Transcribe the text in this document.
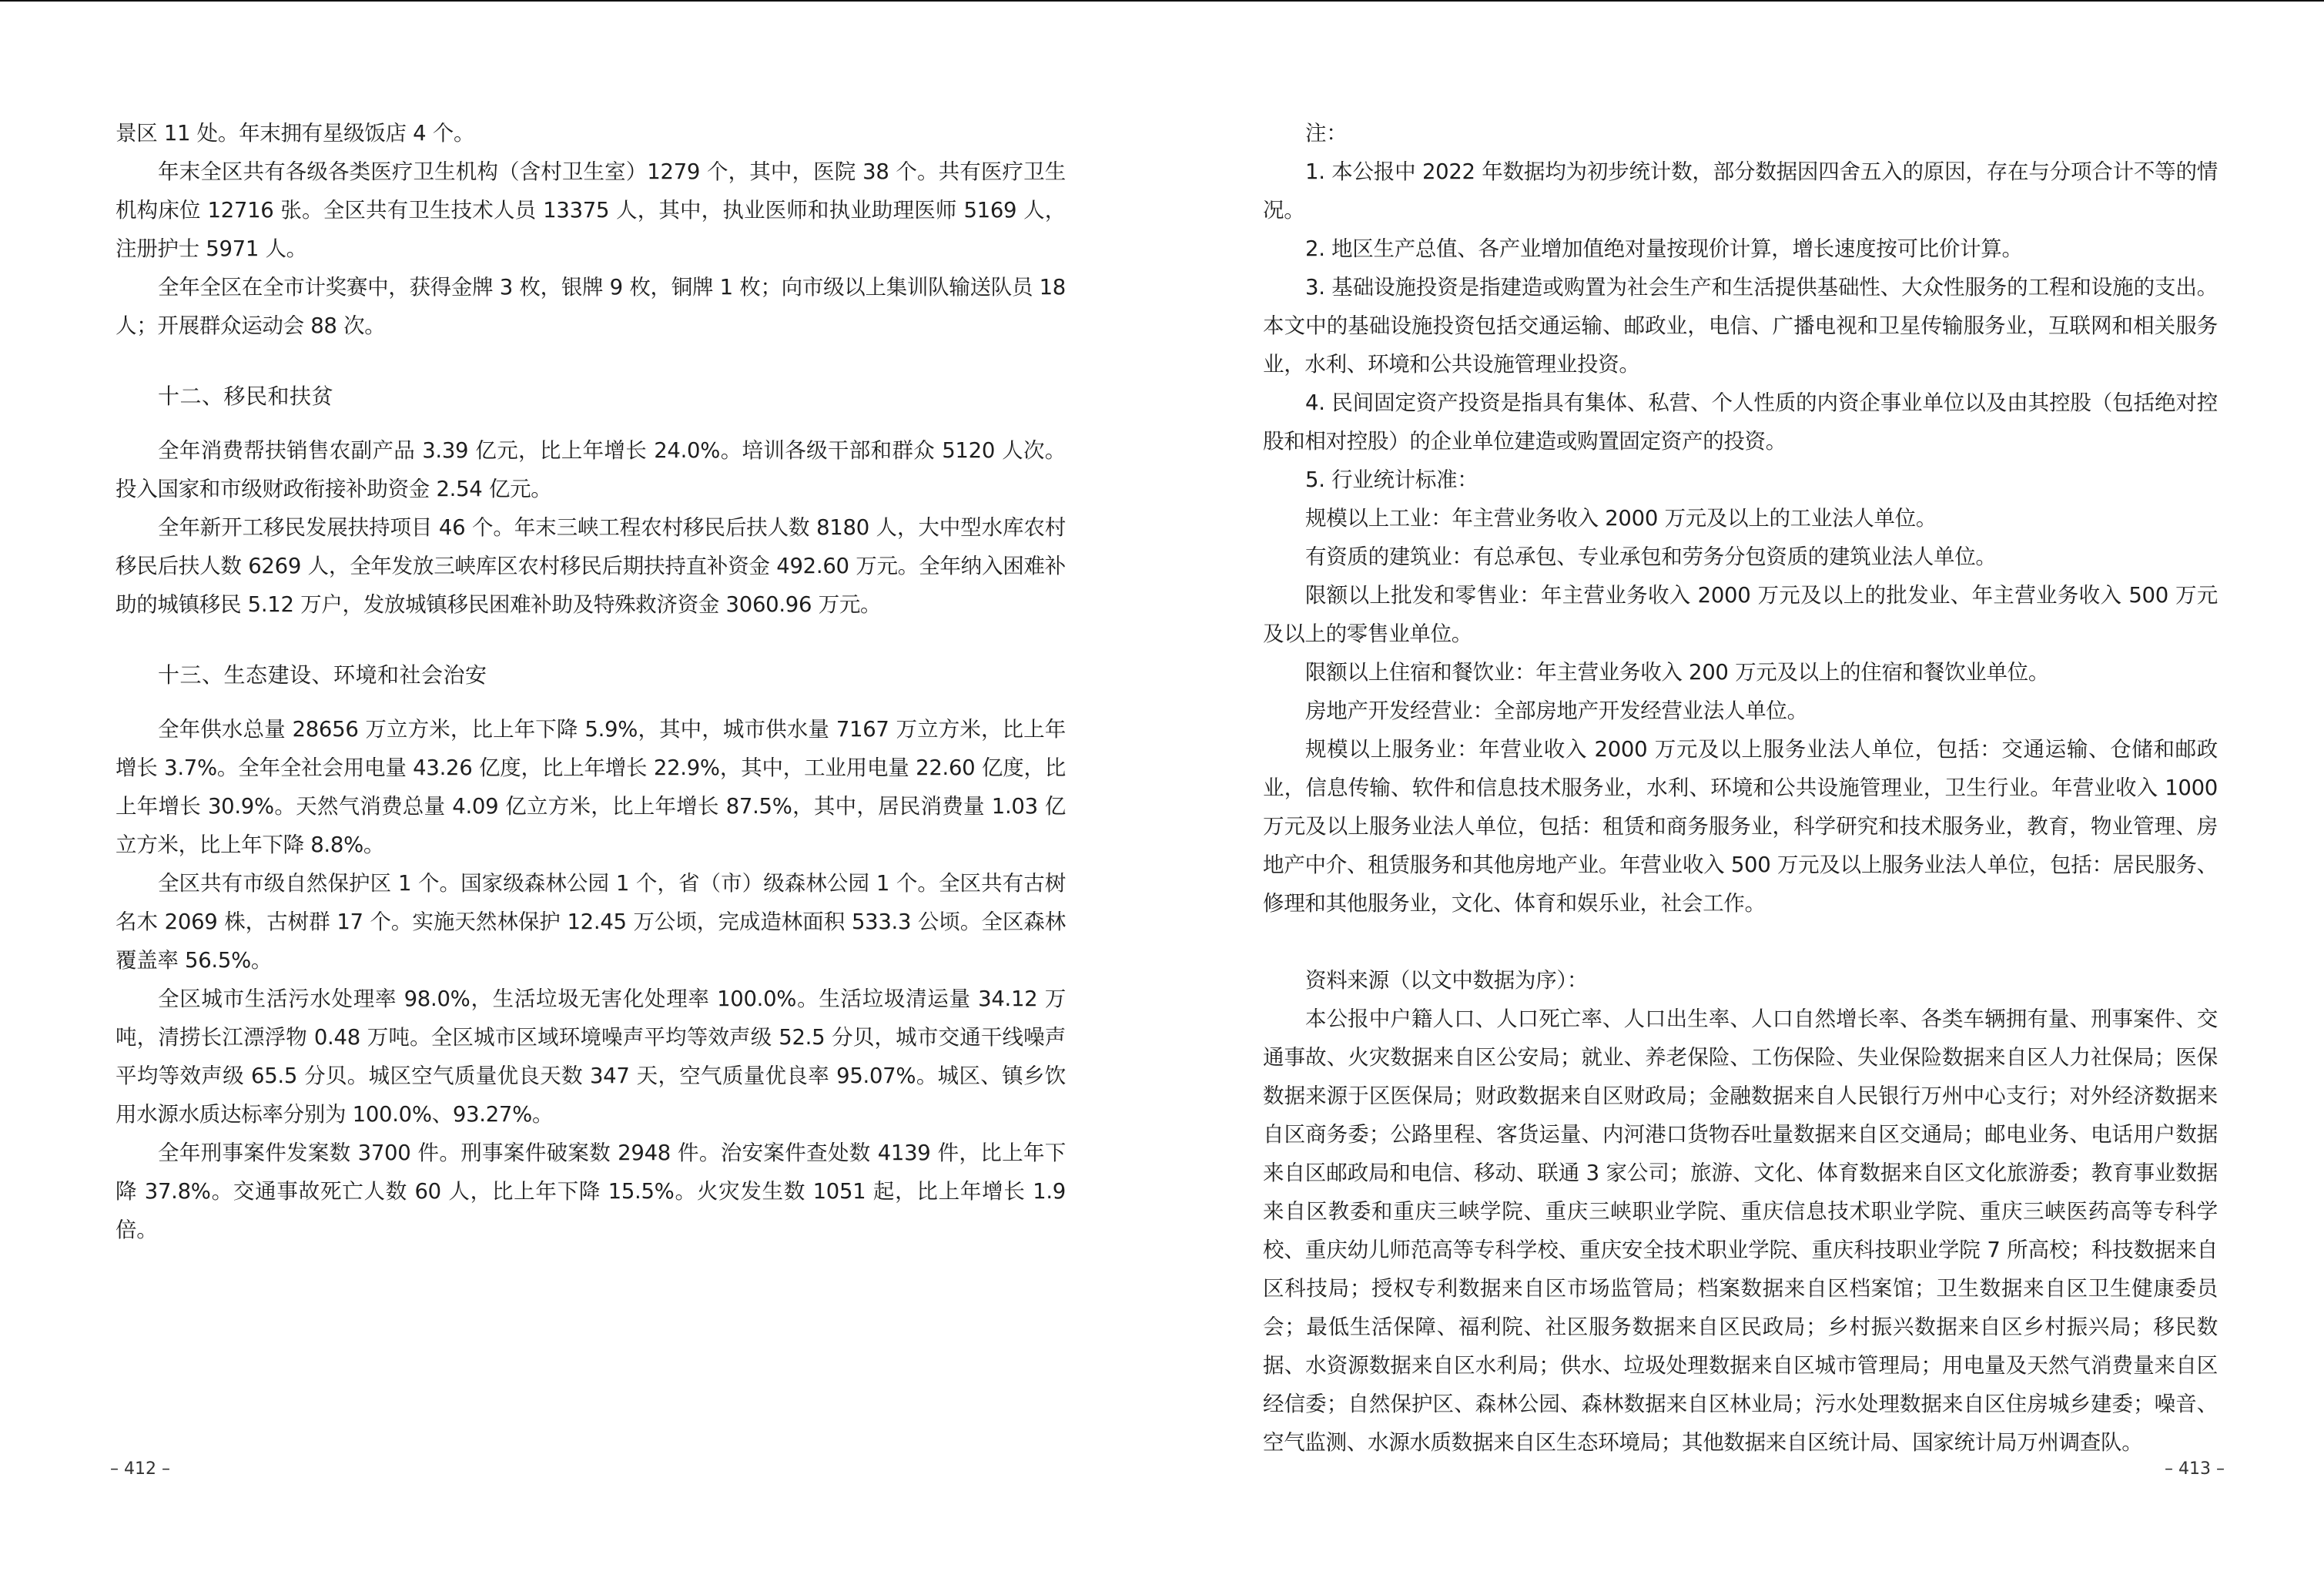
景区 11 处。年末拥有星级饭店 4 个。

年末全区共有各级各类医疗卫生机构（含村卫生室）1279 个，其中，医院 38 个。共有医疗卫生机构床位 12716 张。全区共有卫生技术人员 13375 人，其中，执业医师和执业助理医师 5169 人，注册护士 5971 人。

全年全区在全市计奖赛中，获得金牌 3 枚，银牌 9 枚，铜牌 1 枚；向市级以上集训队输送队员 18 人；开展群众运动会 88 次。

十二、移民和扶贫

全年消费帮扶销售农副产品 3.39 亿元，比上年增长 24.0%。培训各级干部和群众 5120 人次。投入国家和市级财政衔接补助资金 2.54 亿元。

全年新开工移民发展扶持项目 46 个。年末三峡工程农村移民后扶人数 8180 人，大中型水库农村移民后扶人数 6269 人，全年发放三峡库区农村移民后期扶持直补资金 492.60 万元。全年纳入困难补助的城镇移民 5.12 万户，发放城镇移民困难补助及特殊救济资金 3060.96 万元。

十三、生态建设、环境和社会治安

全年供水总量 28656 万立方米，比上年下降 5.9%，其中，城市供水量 7167 万立方米，比上年增长 3.7%。全年全社会用电量 43.26 亿度，比上年增长 22.9%，其中，工业用电量 22.60 亿度，比上年增长 30.9%。天然气消费总量 4.09 亿立方米，比上年增长 87.5%，其中，居民消费量 1.03 亿立方米，比上年下降 8.8%。

全区共有市级自然保护区 1 个。国家级森林公园 1 个，省（市）级森林公园 1 个。全区共有古树名木 2069 株，古树群 17 个。实施天然林保护 12.45 万公顷，完成造林面积 533.3 公顷。全区森林覆盖率 56.5%。

全区城市生活污水处理率 98.0%，生活垃圾无害化处理率 100.0%。生活垃圾清运量 34.12 万吨，清捞长江漂浮物 0.48 万吨。全区城市区域环境噪声平均等效声级 52.5 分贝，城市交通干线噪声平均等效声级 65.5 分贝。城区空气质量优良天数 347 天，空气质量优良率 95.07%。城区、镇乡饮用水源水质达标率分别为 100.0%、93.27%。

全年刑事案件发案数 3700 件。刑事案件破案数 2948 件。治安案件查处数 4139 件，比上年下降 37.8%。交通事故死亡人数 60 人，比上年下降 15.5%。火灾发生数 1051 起，比上年增长 1.9 倍。

– 412 –

注：

1. 本公报中 2022 年数据均为初步统计数，部分数据因四舍五入的原因，存在与分项合计不等的情况。

2. 地区生产总值、各产业增加值绝对量按现价计算，增长速度按可比价计算。

3. 基础设施投资是指建造或购置为社会生产和生活提供基础性、大众性服务的工程和设施的支出。本文中的基础设施投资包括交通运输、邮政业，电信、广播电视和卫星传输服务业，互联网和相关服务业，水利、环境和公共设施管理业投资。

4. 民间固定资产投资是指具有集体、私营、个人性质的内资企事业单位以及由其控股（包括绝对控股和相对控股）的企业单位建造或购置固定资产的投资。

5. 行业统计标准：

规模以上工业：年主营业务收入 2000 万元及以上的工业法人单位。

有资质的建筑业：有总承包、专业承包和劳务分包资质的建筑业法人单位。

限额以上批发和零售业：年主营业务收入 2000 万元及以上的批发业、年主营业务收入 500 万元及以上的零售业单位。

限额以上住宿和餐饮业：年主营业务收入 200 万元及以上的住宿和餐饮业单位。

房地产开发经营业：全部房地产开发经营业法人单位。

规模以上服务业：年营业收入 2000 万元及以上服务业法人单位，包括：交通运输、仓储和邮政业，信息传输、软件和信息技术服务业，水利、环境和公共设施管理业，卫生行业。年营业收入 1000 万元及以上服务业法人单位，包括：租赁和商务服务业，科学研究和技术服务业，教育，物业管理、房地产中介、租赁服务和其他房地产业。年营业收入 500 万元及以上服务业法人单位，包括：居民服务、修理和其他服务业，文化、体育和娱乐业，社会工作。

资料来源（以文中数据为序）：

本公报中户籍人口、人口死亡率、人口出生率、人口自然增长率、各类车辆拥有量、刑事案件、交通事故、火灾数据来自区公安局；就业、养老保险、工伤保险、失业保险数据来自区人力社保局；医保数据来源于区医保局；财政数据来自区财政局；金融数据来自人民银行万州中心支行；对外经济数据来自区商务委；公路里程、客货运量、内河港口货物吞吐量数据来自区交通局；邮电业务、电话用户数据来自区邮政局和电信、移动、联通 3 家公司；旅游、文化、体育数据来自区文化旅游委；教育事业数据来自区教委和重庆三峡学院、重庆三峡职业学院、重庆信息技术职业学院、重庆三峡医药高等专科学校、重庆幼儿师范高等专科学校、重庆安全技术职业学院、重庆科技职业学院 7 所高校；科技数据来自区科技局；授权专利数据来自区市场监管局；档案数据来自区档案馆；卫生数据来自区卫生健康委员会；最低生活保障、福利院、社区服务数据来自区民政局；乡村振兴数据来自区乡村振兴局；移民数据、水资源数据来自区水利局；供水、垃圾处理数据来自区城市管理局；用电量及天然气消费量来自区经信委；自然保护区、森林公园、森林数据来自区林业局；污水处理数据来自区住房城乡建委；噪音、空气监测、水源水质数据来自区生态环境局；其他数据来自区统计局、国家统计局万州调查队。

– 413 –
